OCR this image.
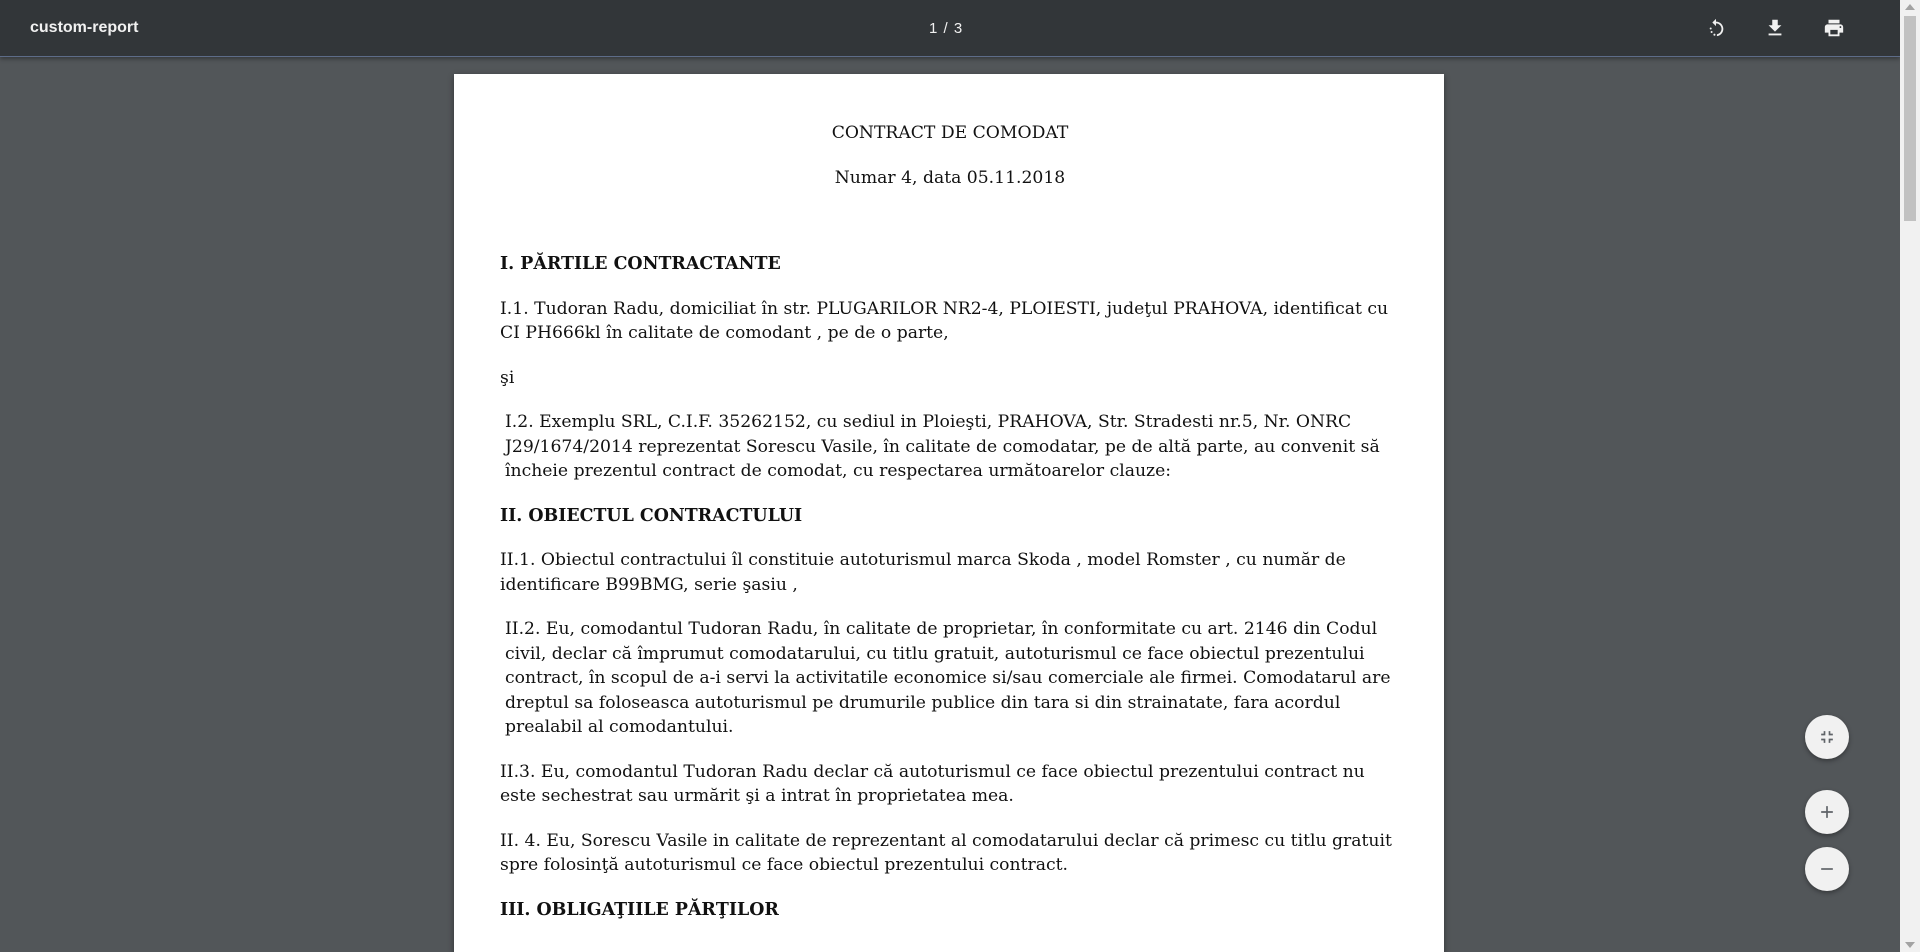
custom-report	1 / 3

CONTRACT DE COMODAT

Numar 4, data 05.11.2018

I. PĂRTILE CONTRACTANTE

I.1. Tudoran Radu, domiciliat în str. PLUGARILOR NR2-4, PLOIESTI, judeţul PRAHOVA, identificat cu CI PH666kl în calitate de comodant , pe de o parte,

şi

I.2. Exemplu SRL, C.I.F. 35262152, cu sediul in Ploieşti, PRAHOVA, Str. Stradesti nr.5, Nr. ONRC J29/1674/2014 reprezentat Sorescu Vasile, în calitate de comodatar, pe de altă parte, au convenit să încheie prezentul contract de comodat, cu respectarea următoarelor clauze:

II. OBIECTUL CONTRACTULUI

II.1. Obiectul contractului îl constituie autoturismul marca Skoda , model Romster , cu număr de identificare B99BMG, serie şasiu ,

II.2. Eu, comodantul Tudoran Radu, în calitate de proprietar, în conformitate cu art. 2146 din Codul civil, declar că împrumut comodatarului, cu titlu gratuit, autoturismul ce face obiectul prezentului contract, în scopul de a-i servi la activitatile economice si/sau comerciale ale firmei. Comodatarul are dreptul sa foloseasca autoturismul pe drumurile publice din tara si din strainatate, fara acordul prealabil al comodantului.

II.3. Eu, comodantul Tudoran Radu declar că autoturismul ce face obiectul prezentului contract nu este sechestrat sau urmărit şi a intrat în proprietatea mea.

II. 4. Eu, Sorescu Vasile in calitate de reprezentant al comodatarului declar că primesc cu titlu gratuit spre folosinţă autoturismul ce face obiectul prezentului contract.

III. OBLIGAŢIILE PĂRŢILOR
